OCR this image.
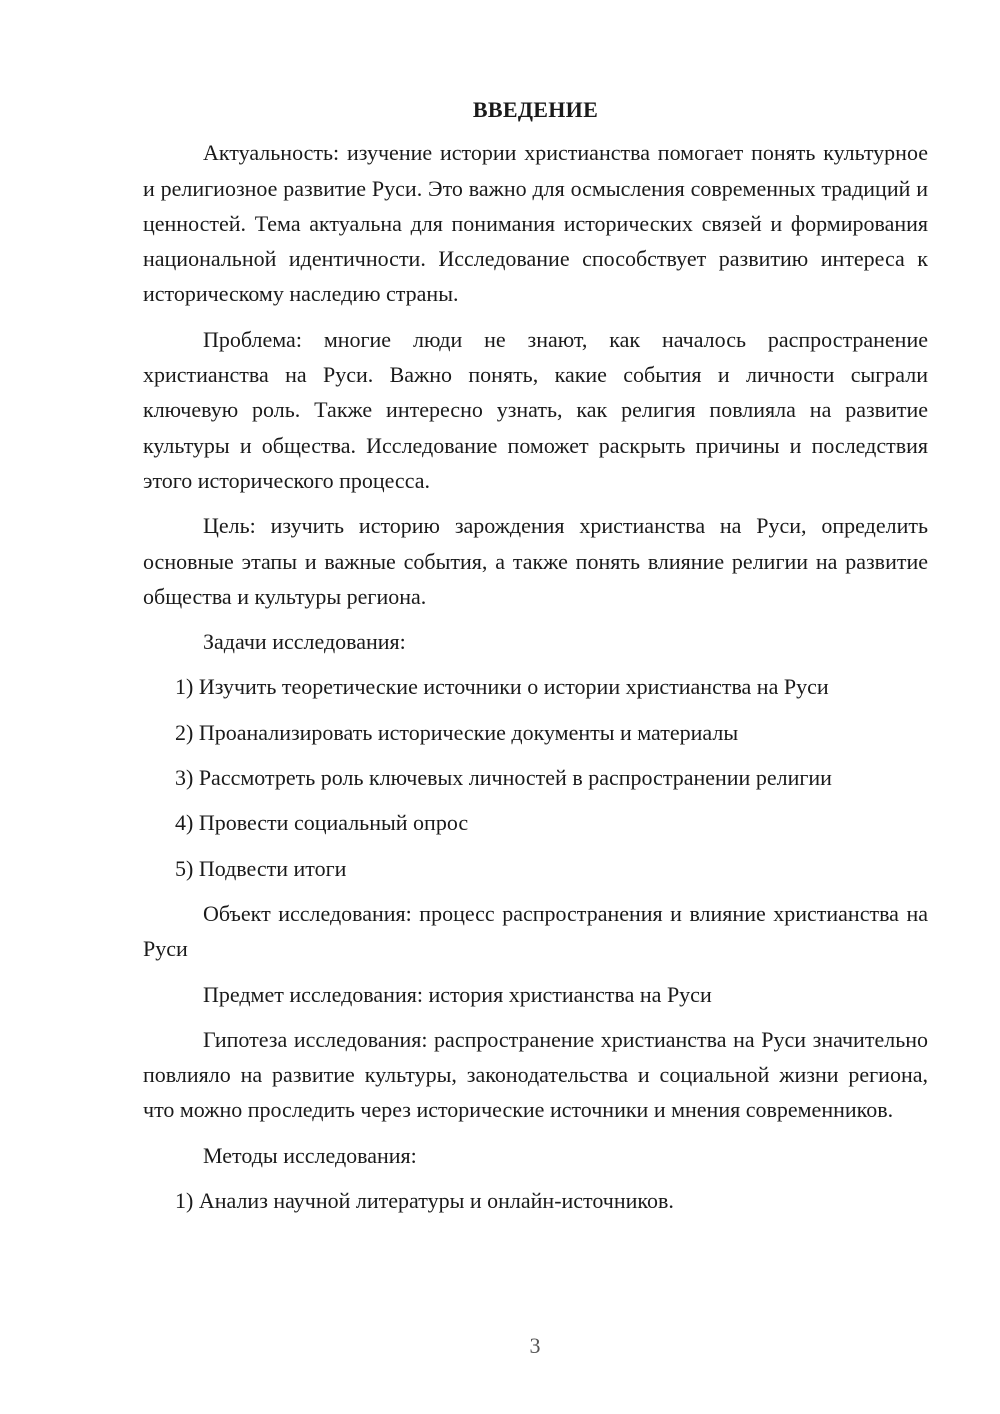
ВВЕДЕНИЕ

Актуальность: изучение истории христианства помогает понять культурное и религиозное развитие Руси. Это важно для осмысления современных традиций и ценностей. Тема актуальна для понимания исторических связей и формирования национальной идентичности. Исследование способствует развитию интереса к историческому наследию страны.

Проблема: многие люди не знают, как началось распространение христианства на Руси. Важно понять, какие события и личности сыграли ключевую роль. Также интересно узнать, как религия повлияла на развитие культуры и общества. Исследование поможет раскрыть причины и последствия этого исторического процесса.

Цель: изучить историю зарождения христианства на Руси, определить основные этапы и важные события, а также понять влияние религии на развитие общества и культуры региона.

Задачи исследования:

1) Изучить теоретические источники о истории христианства на Руси

2) Проанализировать исторические документы и материалы

3) Рассмотреть роль ключевых личностей в распространении религии

4) Провести социальный опрос

5) Подвести итоги

Объект исследования: процесс распространения и влияние христианства на Руси

Предмет исследования: история христианства на Руси

Гипотеза исследования: распространение христианства на Руси значительно повлияло на развитие культуры, законодательства и социальной жизни региона, что можно проследить через исторические источники и мнения современников.

Методы исследования:

1) Анализ научной литературы и онлайн-источников.

3
